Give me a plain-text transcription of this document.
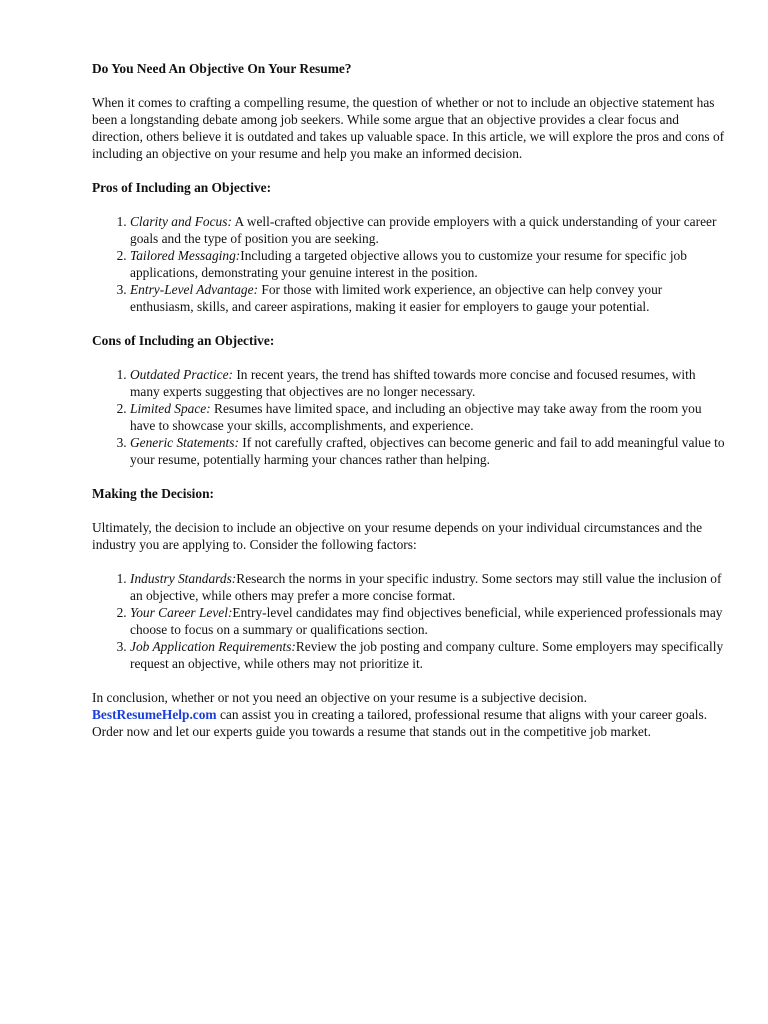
Do You Need An Objective On Your Resume?

When it comes to crafting a compelling resume, the question of whether or not to include an objective statement has been a longstanding debate among job seekers. While some argue that an objective provides a clear focus and direction, others believe it is outdated and takes up valuable space. In this article, we will explore the pros and cons of including an objective on your resume and help you make an informed decision.

Pros of Including an Objective:
1. Clarity and Focus: A well-crafted objective can provide employers with a quick understanding of your career goals and the type of position you are seeking.
2. Tailored Messaging:Including a targeted objective allows you to customize your resume for specific job applications, demonstrating your genuine interest in the position.
3. Entry-Level Advantage: For those with limited work experience, an objective can help convey your enthusiasm, skills, and career aspirations, making it easier for employers to gauge your potential.
Cons of Including an Objective:
1. Outdated Practice: In recent years, the trend has shifted towards more concise and focused resumes, with many experts suggesting that objectives are no longer necessary.
2. Limited Space: Resumes have limited space, and including an objective may take away from the room you have to showcase your skills, accomplishments, and experience.
3. Generic Statements: If not carefully crafted, objectives can become generic and fail to add meaningful value to your resume, potentially harming your chances rather than helping.
Making the Decision:

Ultimately, the decision to include an objective on your resume depends on your individual circumstances and the industry you are applying to. Consider the following factors:

1. Industry Standards:Research the norms in your specific industry. Some sectors may still value the inclusion of an objective, while others may prefer a more concise format.
2. Your Career Level:Entry-level candidates may find objectives beneficial, while experienced professionals may choose to focus on a summary or qualifications section.
3. Job Application Requirements:Review the job posting and company culture. Some employers may specifically request an objective, while others may not prioritize it.

In conclusion, whether or not you need an objective on your resume is a subjective decision.
BestResumeHelp.com can assist you in creating a tailored, professional resume that aligns with your career goals. Order now and let our experts guide you towards a resume that stands out in the competitive job market.
